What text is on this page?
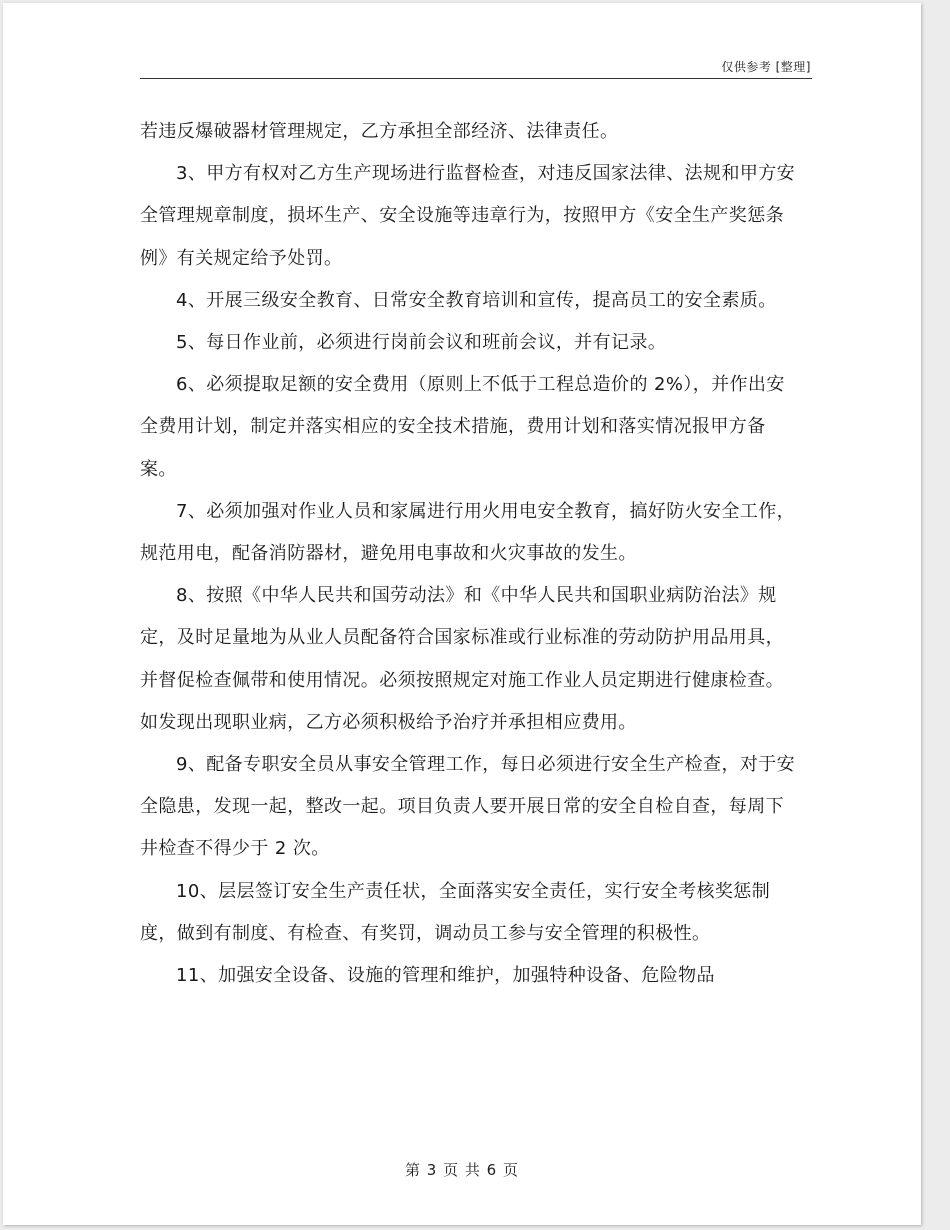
仅供参考 [整理]

若违反爆破器材管理规定，乙方承担全部经济、法律责任。

3、甲方有权对乙方生产现场进行监督检查，对违反国家法律、法规和甲方安全管理规章制度，损坏生产、安全设施等违章行为，按照甲方《安全生产奖惩条例》有关规定给予处罚。

4、开展三级安全教育、日常安全教育培训和宣传，提高员工的安全素质。

5、每日作业前，必须进行岗前会议和班前会议，并有记录。

6、必须提取足额的安全费用（原则上不低于工程总造价的 2%），并作出安全费用计划，制定并落实相应的安全技术措施，费用计划和落实情况报甲方备案。

7、必须加强对作业人员和家属进行用火用电安全教育，搞好防火安全工作，规范用电，配备消防器材，避免用电事故和火灾事故的发生。

8、按照《中华人民共和国劳动法》和《中华人民共和国职业病防治法》规定，及时足量地为从业人员配备符合国家标准或行业标准的劳动防护用品用具，并督促检查佩带和使用情况。必须按照规定对施工作业人员定期进行健康检查。如发现出现职业病，乙方必须积极给予治疗并承担相应费用。

9、配备专职安全员从事安全管理工作，每日必须进行安全生产检查，对于安全隐患，发现一起，整改一起。项目负责人要开展日常的安全自检自查，每周下井检查不得少于 2 次。

10、层层签订安全生产责任状，全面落实安全责任，实行安全考核奖惩制度，做到有制度、有检查、有奖罚，调动员工参与安全管理的积极性。

11、加强安全设备、设施的管理和维护，加强特种设备、危险物品

第 3 页 共 6 页
